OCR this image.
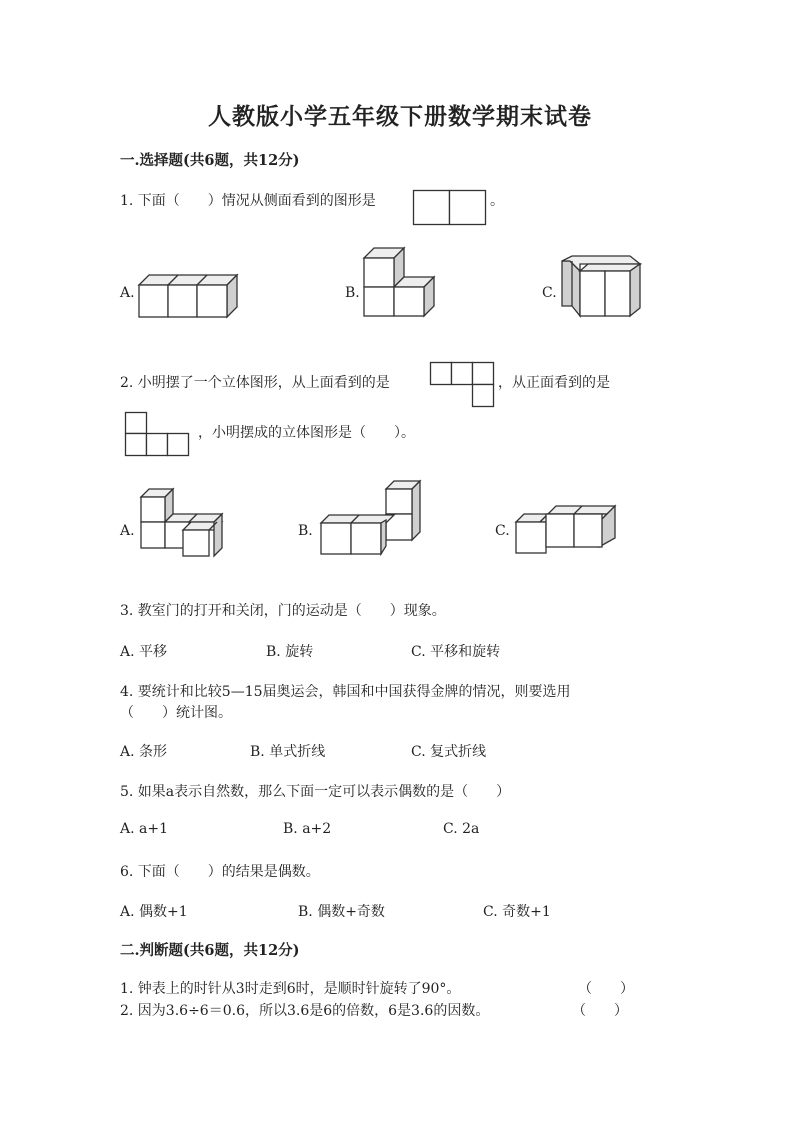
人教版小学五年级下册数学期末试卷
一.选择题(共6题，共12分)
1. 下面（　　）情况从侧面看到的图形是	。
A.	B.	C.
2. 小明摆了一个立体图形，从上面看到的是	，从正面看到的是
，小明摆成的立体图形是（　　）。
A.	B.	C.
3. 教室门的打开和关闭，门的运动是（　　）现象。
A. 平移	B. 旋转	C. 平移和旋转
4. 要统计和比较5—15届奥运会，韩国和中国获得金牌的情况，则要选用
（　　）统计图。
A. 条形	B. 单式折线	C. 复式折线
5. 如果a表示自然数，那么下面一定可以表示偶数的是（　　）
A. a+1	B. a+2	C. 2a
6. 下面（　　）的结果是偶数。
A. 偶数+1	B. 偶数+奇数	C. 奇数+1
二.判断题(共6题，共12分)
1. 钟表上的时针从3时走到6时，是顺时针旋转了90°。	（　　）
2. 因为3.6÷6＝0.6，所以3.6是6的倍数，6是3.6的因数。	（　　）
